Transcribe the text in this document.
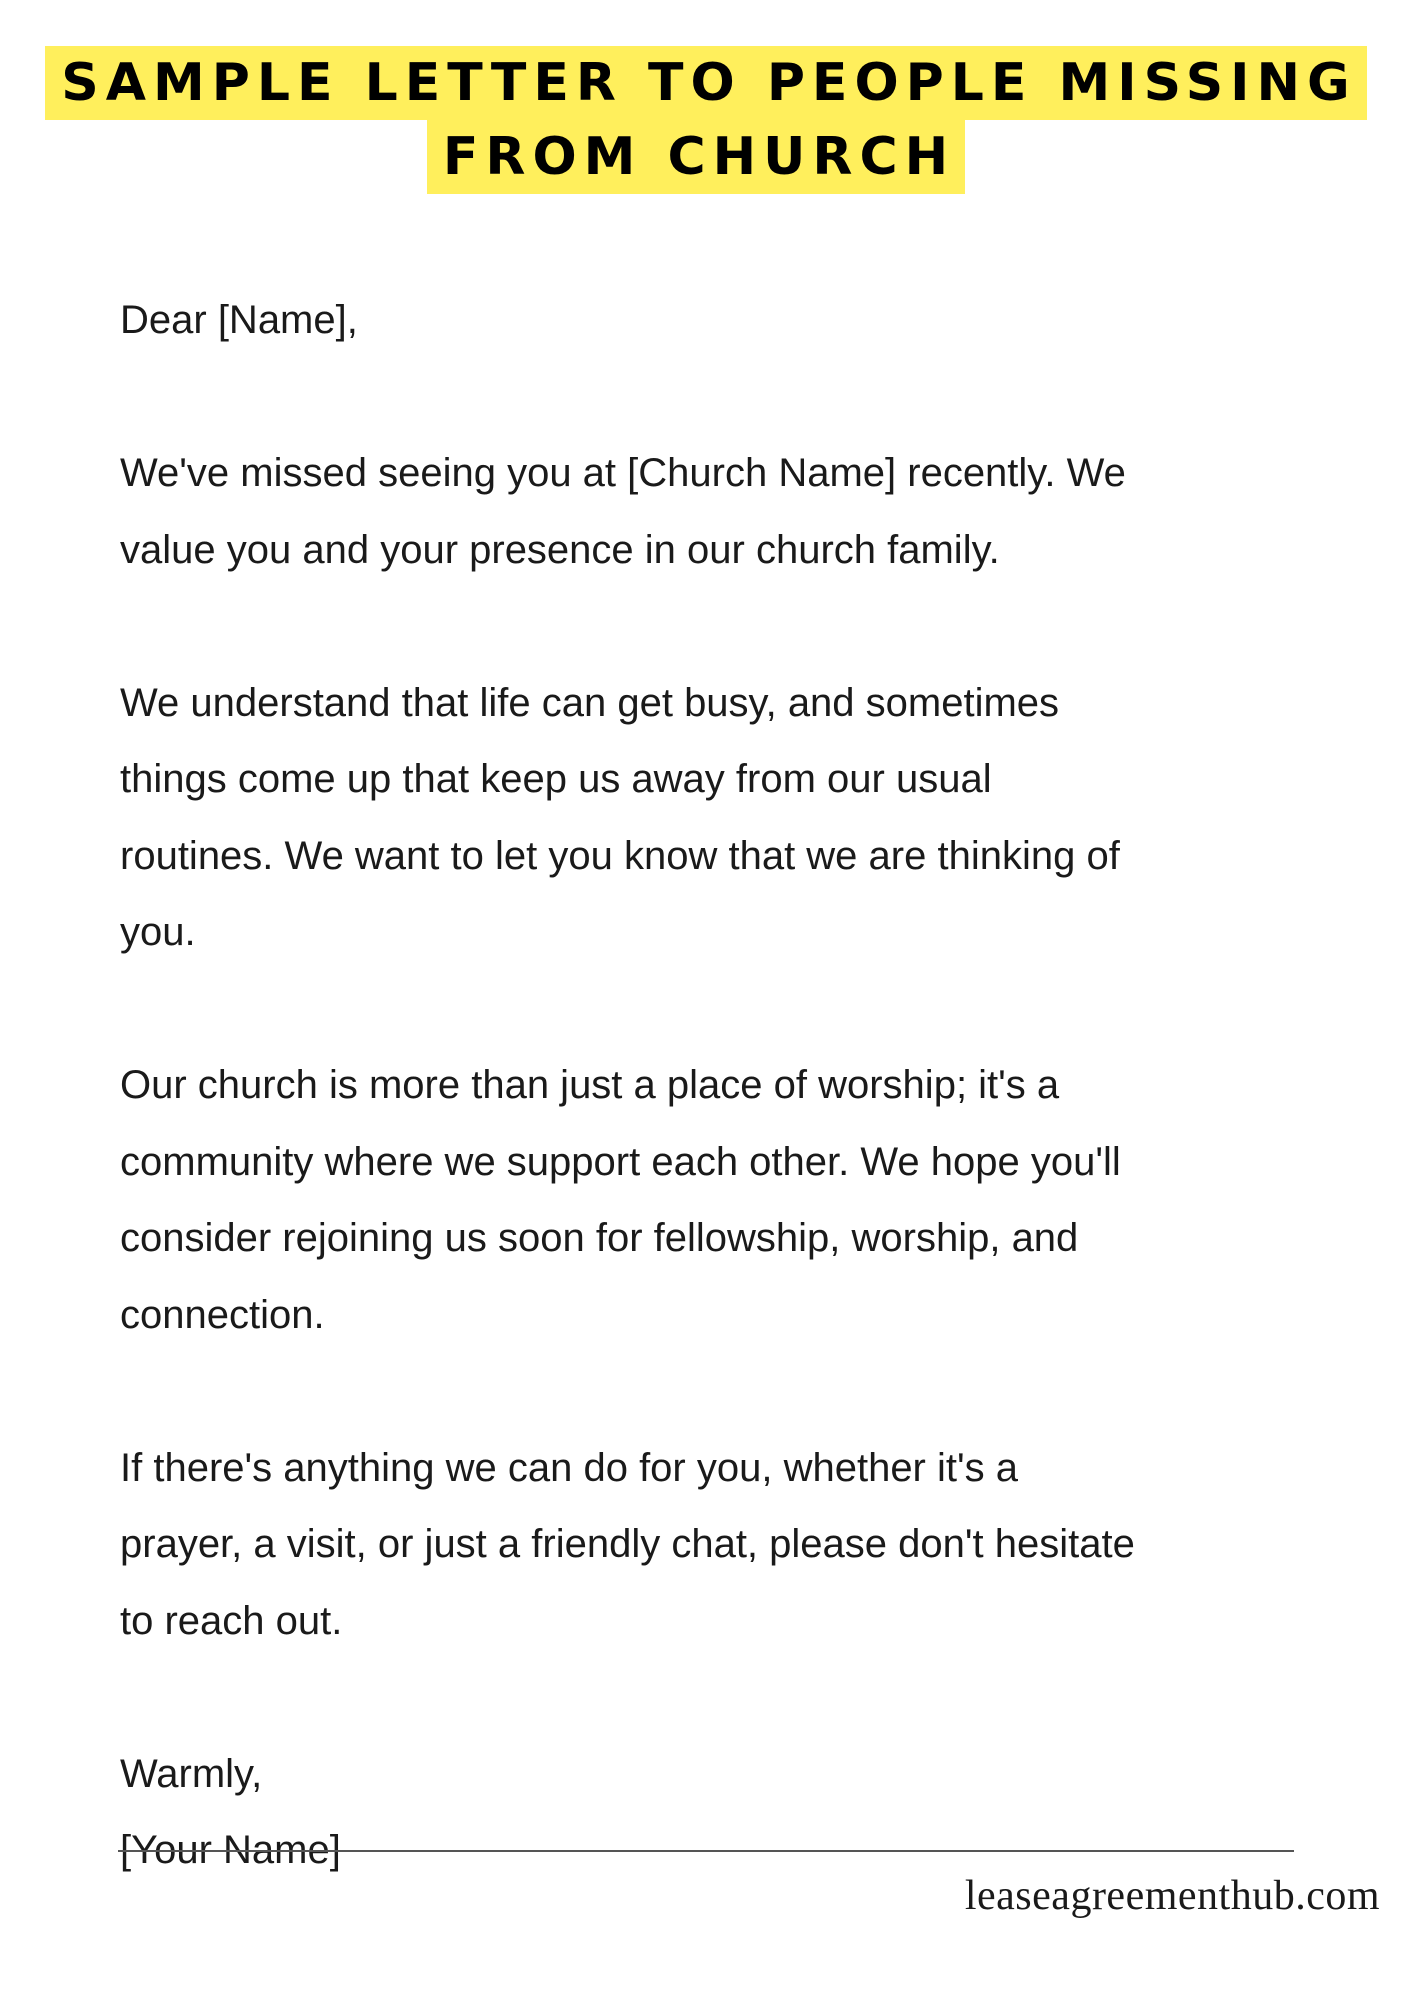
SAMPLE LETTER TO PEOPLE MISSING
FROM CHURCH
Dear [Name],
We've missed seeing you at [Church Name] recently. We
value you and your presence in our church family.
We understand that life can get busy, and sometimes
things come up that keep us away from our usual
routines. We want to let you know that we are thinking of
you.
Our church is more than just a place of worship; it's a
community where we support each other. We hope you'll
consider rejoining us soon for fellowship, worship, and
connection.
If there's anything we can do for you, whether it's a
prayer, a visit, or just a friendly chat, please don't hesitate
to reach out.
Warmly,
[Your Name]
leaseagreementhub.com
